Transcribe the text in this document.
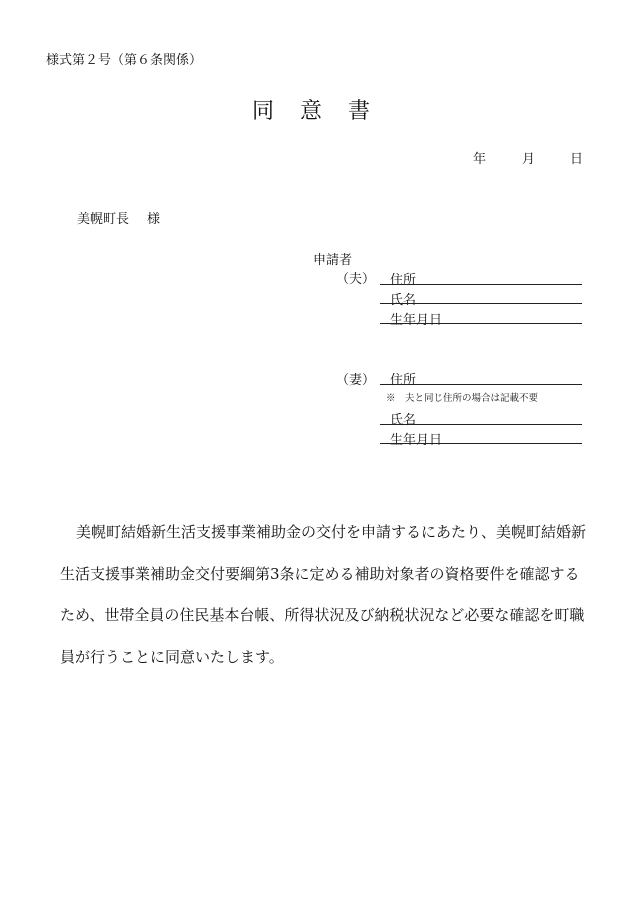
様式第２号（第６条関係）
同 意 書
年	月	日
美幌町長 様
申請者
（夫） 住所
氏名
生年月日
（妻） 住所
※　夫と同じ住所の場合は記載不要
氏名
生年月日

美幌町結婚新生活支援事業補助金の交付を申請するにあたり、美幌町結婚新生活支援事業補助金交付要綱第3条に定める補助対象者の資格要件を確認するため、世帯全員の住民基本台帳、所得状況及び納税状況など必要な確認を町職員が行うことに同意いたします。
